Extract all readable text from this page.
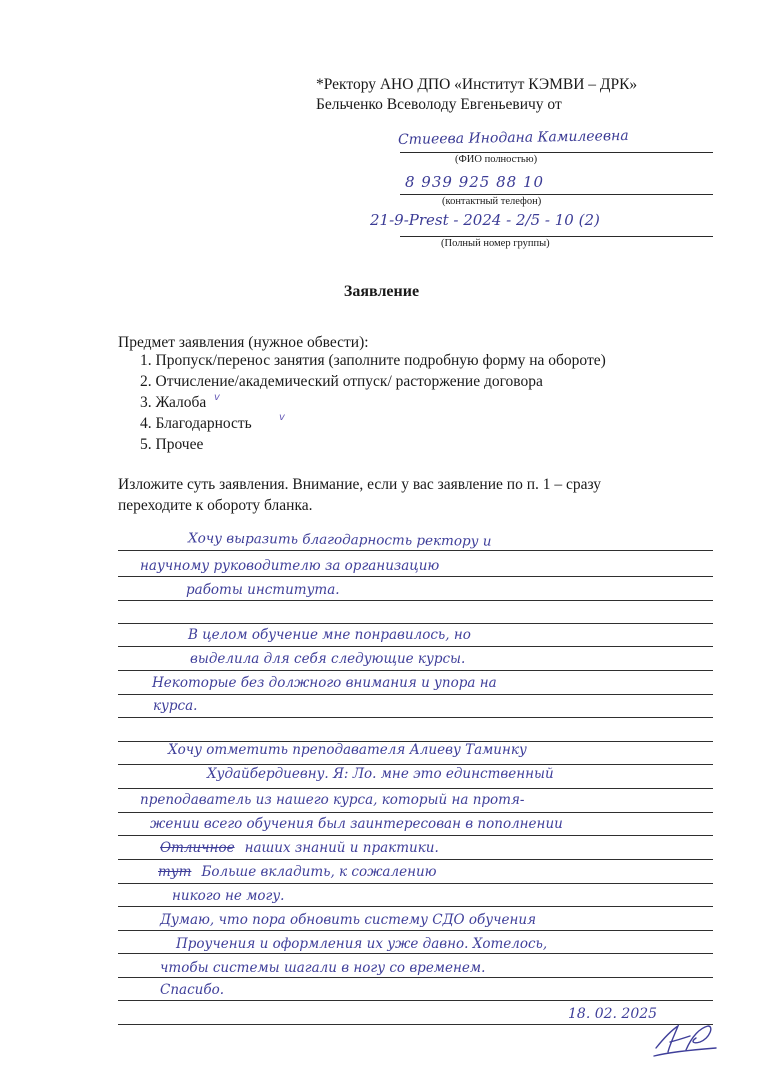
*Ректору АНО ДПО «Институт КЭМВИ – ДРК»
Бельченко Всеволоду Евгеньевичу от
Стиеева Инодана Камилеевна
(ФИО полностью)
8 939 925 88 10
(контактный телефон)
21-9-Prest - 2024 - 2/5 - 10 (2)
(Полный номер группы)
Заявление
Предмет заявления (нужное обвести):
1. Пропуск/перенос занятия (заполните подробную форму на обороте)
2. Отчисление/академический отпуск/ расторжение договора
3. Жалоба v
4. Благодарность	v
5. Прочее
Изложите суть заявления. Внимание, если у вас заявление по п. 1 – сразу
переходите к обороту бланка.
Хочу выразить благодарность ректору и
научному руководителю за организацию
работы института.
В целом обучение мне понравилось, но
выделила для себя следующие курсы.
Некоторые без должного внимания и упора на
курса.
Хочу отметить преподавателя Алиеву Таминку
Худайбердиевну. Я: Ло. мне это единственный
преподаватель из нашего курса, который на протя-
жении всего обучения был заинтересован в пополнении
Отличное наших знаний и практики.
тут Больше вкладить, к сожалению
никого не могу.
Думаю, что пора обновить систему СДО обучения
Проучения и оформления их уже давно. Хотелось,
чтобы системы шагали в ногу со временем.
Спасибо.
18. 02. 2025
